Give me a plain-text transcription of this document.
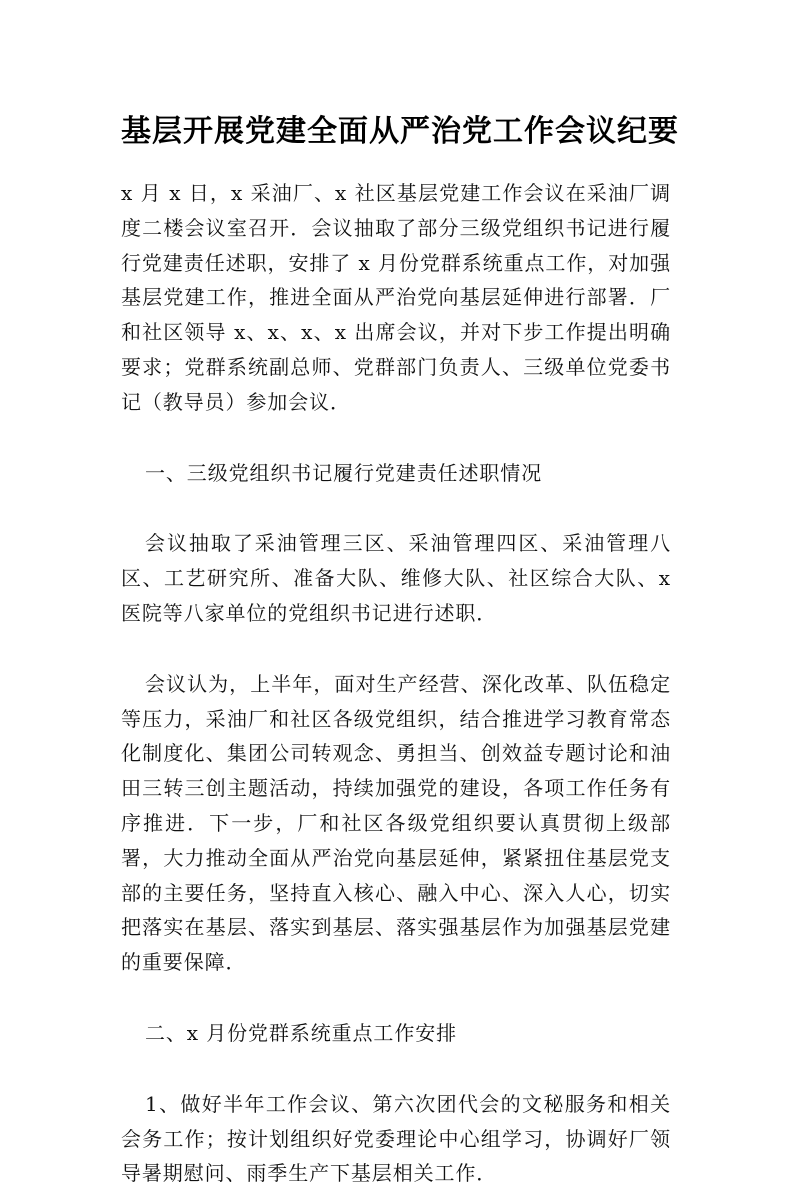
基层开展党建全面从严治党工作会议纪要

x 月 x 日，x 采油厂、x 社区基层党建工作会议在采油厂调度二楼会议室召开．会议抽取了部分三级党组织书记进行履行党建责任述职，安排了 x 月份党群系统重点工作，对加强基层党建工作，推进全面从严治党向基层延伸进行部署．厂和社区领导 x、x、x、x 出席会议，并对下步工作提出明确要求；党群系统副总师、党群部门负责人、三级单位党委书记（教导员）参加会议．

一、三级党组织书记履行党建责任述职情况

会议抽取了采油管理三区、采油管理四区、采油管理八区、工艺研究所、准备大队、维修大队、社区综合大队、x 医院等八家单位的党组织书记进行述职．

会议认为，上半年，面对生产经营、深化改革、队伍稳定等压力，采油厂和社区各级党组织，结合推进学习教育常态化制度化、集团公司转观念、勇担当、创效益专题讨论和油田三转三创主题活动，持续加强党的建设，各项工作任务有序推进．下一步，厂和社区各级党组织要认真贯彻上级部署，大力推动全面从严治党向基层延伸，紧紧扭住基层党支部的主要任务，坚持直入核心、融入中心、深入人心，切实把落实在基层、落实到基层、落实强基层作为加强基层党建的重要保障．

二、x 月份党群系统重点工作安排

1、做好半年工作会议、第六次团代会的文秘服务和相关会务工作；按计划组织好党委理论中心组学习，协调好厂领导暑期慰问、雨季生产下基层相关工作．
